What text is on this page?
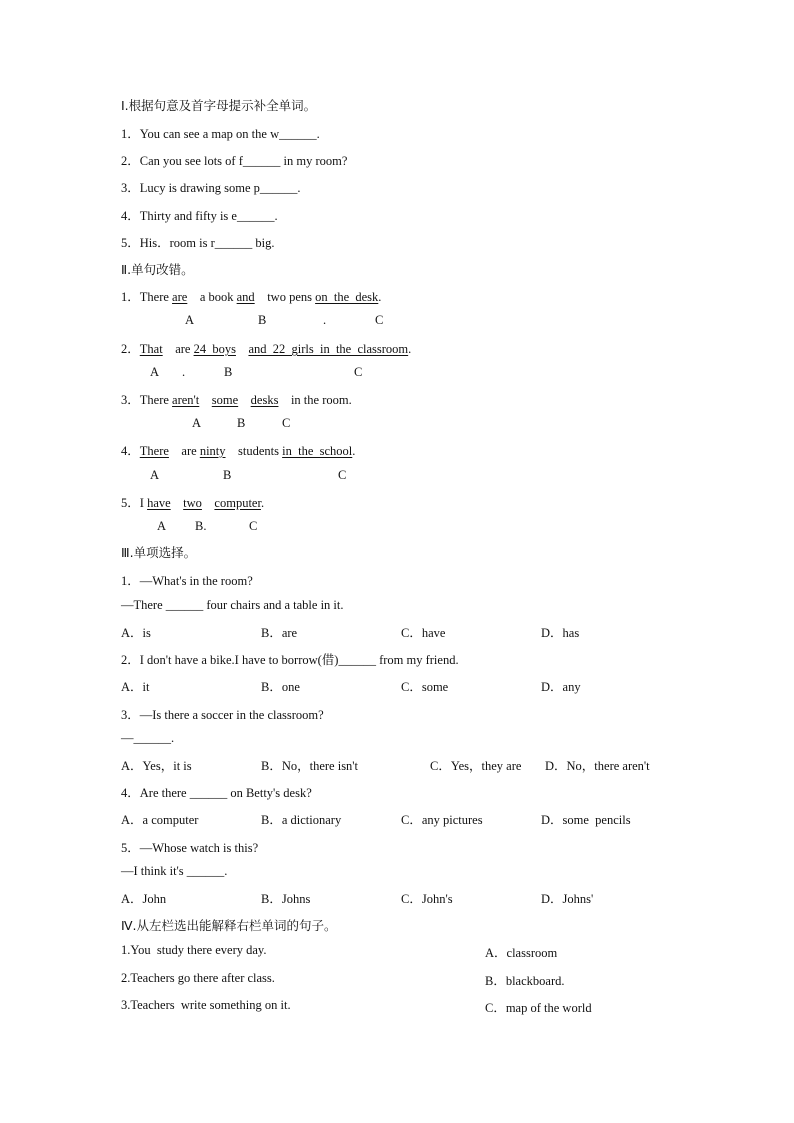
Ⅰ.根据句意及首字母提示补全单词。
1．You can see a map on the w______.
2．Can you see lots of f______ in my room?
3．Lucy is drawing some p______.
4．Thirty and fifty is e______.
5．His．room is r______ big.
Ⅱ.单句改错。
1．There are    a book and    two pens on  the  desk.
A	B	.	C
2．That    are 24  boys and  22  girls  in  the  classroom.
A .	B	C
3．There aren't some desks    in the room.
A	B	C
4．There    are ninty    students in  the  school.
A	B	C
5．I have two computer.
A B.	C
Ⅲ.单项选择。
1．—What's in the room?
—There ______ four chairs and a table in it.
A．is	B．are	C．have	D．has
2．I don't have a bike.I have to borrow(借)______ from my friend.
A．it	B．one	C．some	D．any
3．—Is there a soccer in the classroom?
—______.
A．Yes，it is	B．No，there isn't	C．Yes，they are D．No，there aren't
4．Are there ______ on Betty's desk?
A．a computer	B．a dictionary	C．any pictures	D．some  pencils
5．—Whose watch is this?
—I think it's ______.
A．John	B．Johns	C．John's	D．Johns'
Ⅳ.从左栏选出能解释右栏单词的句子。
1.You  study there every day.	A．classroom
2.Teachers go there after class.	B．blackboard.
3.Teachers  write something on it.	C．map of the world
